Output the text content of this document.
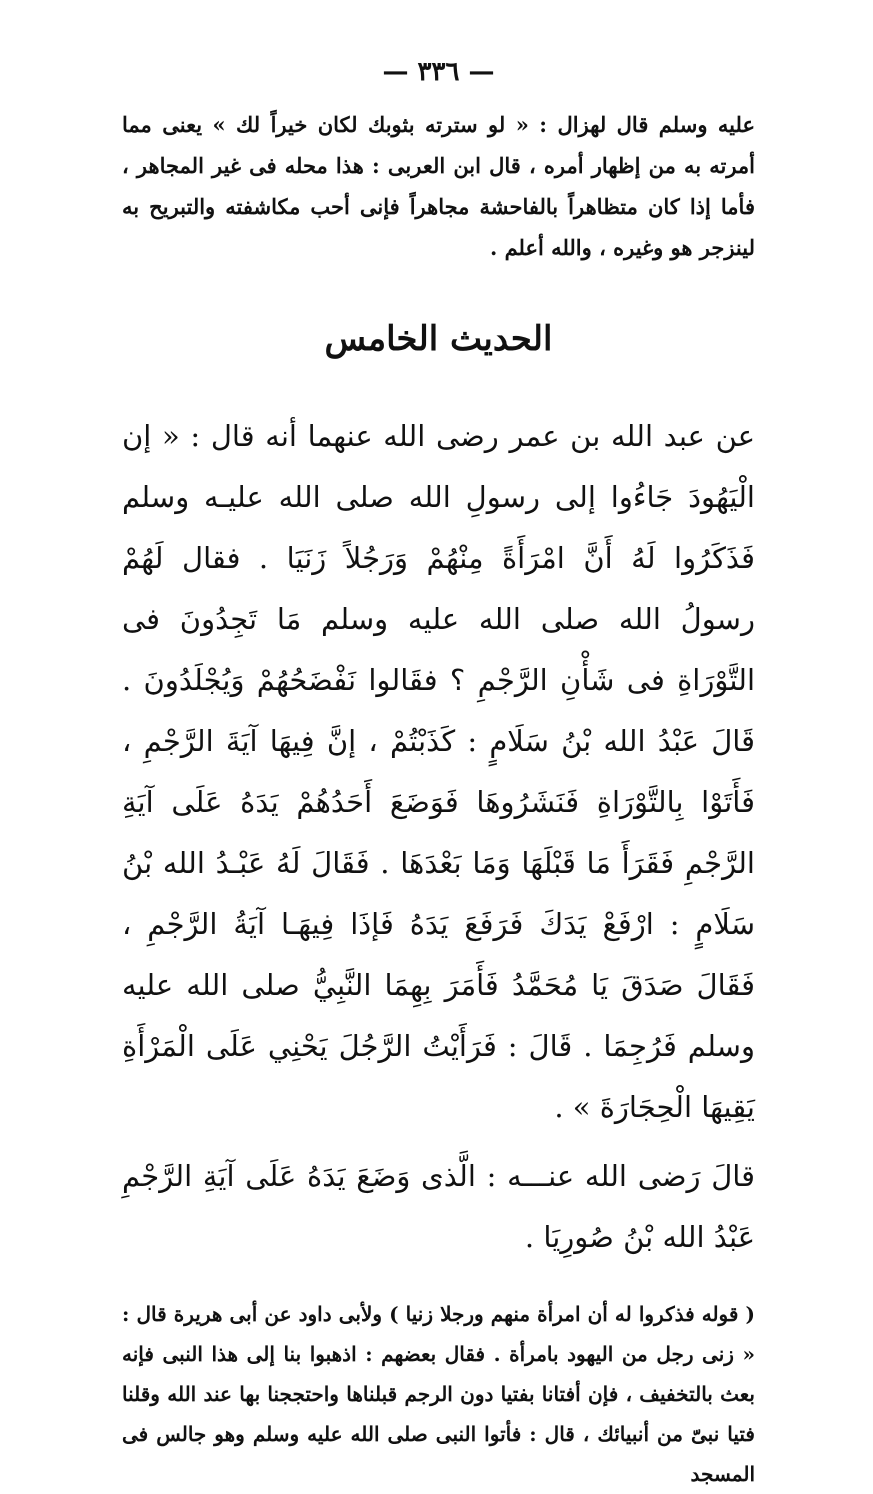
— ٣٣٦ —
عليه وسلم قال لهزال : « لو سترته بثوبك لكان خيراً لك » يعنى مما أمرته به من إظهار أمره ، قال ابن العربى : هذا محله فى غير المجاهر ، فأما إذا كان متظاهراً بالفاحشة مجاهراً فإنى أحب مكاشفته والتبريح به لينزجر هو وغيره ، والله أعلم .
الحديث الخامس
عن عبد الله بن عمر رضى الله عنهما أنه قال : « إن الْيَهُودَ جَاءُوا إلى رسولِ الله صلى الله عليـه وسلم فَذَكَرُوا لَهُ أَنَّ امْرَأَةً مِنْهُمْ وَرَجُلاً زَنَيَا . فقال لَهُمْ رسولُ الله صلى الله عليه وسلم مَا تَجِدُونَ فى التَّوْرَاةِ فى شَأْنِ الرَّجْمِ ؟ فقَالوا نَفْضَحُهُمْ وَيُجْلَدُونَ . قَالَ عَبْدُ الله بْنُ سَلَامٍ : كَذَبْتُمْ ، إنَّ فِيهَا آيَةَ الرَّجْمِ ، فَأَتَوْا بِالتَّوْرَاةِ فَنَشَرُوهَا فَوَضَعَ أَحَدُهُمْ يَدَهُ عَلَى آيَةِ الرَّجْمِ فَقَرَأَ مَا قَبْلَهَا وَمَا بَعْدَهَا . فَقَالَ لَهُ عَبْـدُ الله بْنُ سَلَامٍ : ارْفَعْ يَدَكَ فَرَفَعَ يَدَهُ فَإذَا فِيهَـا آيَةُ الرَّجْمِ ، فَقَالَ صَدَقَ يَا مُحَمَّدُ فَأَمَرَ بِهِمَا النَّبِيُّ صلى الله عليه وسلم فَرُجِمَا . قَالَ : فَرَأَيْتُ الرَّجُلَ يَحْنِي عَلَى الْمَرْأَةِ يَقِيهَا الْحِجَارَةَ » .
قالَ رَضى الله عنـــه : الَّذى وَضَعَ يَدَهُ عَلَى آيَةِ الرَّجْمِ عَبْدُ الله بْنُ صُورِيَا .
( قوله فذكروا له أن امرأة منهم ورجلا زنيا ) ولأبى داود عن أبى هريرة قال : « زنى رجل من اليهود بامرأة . فقال بعضهم : اذهبوا بنا إلى هذا النبى فإنه بعث بالتخفيف ، فإن أفتانا بفتيا دون الرجم قبلناها واحتججنا بها عند الله وقلنا فتيا نبىّ من أنبيائك ، قال : فأتوا النبى صلى الله عليه وسلم وهو جالس فى المسجد
